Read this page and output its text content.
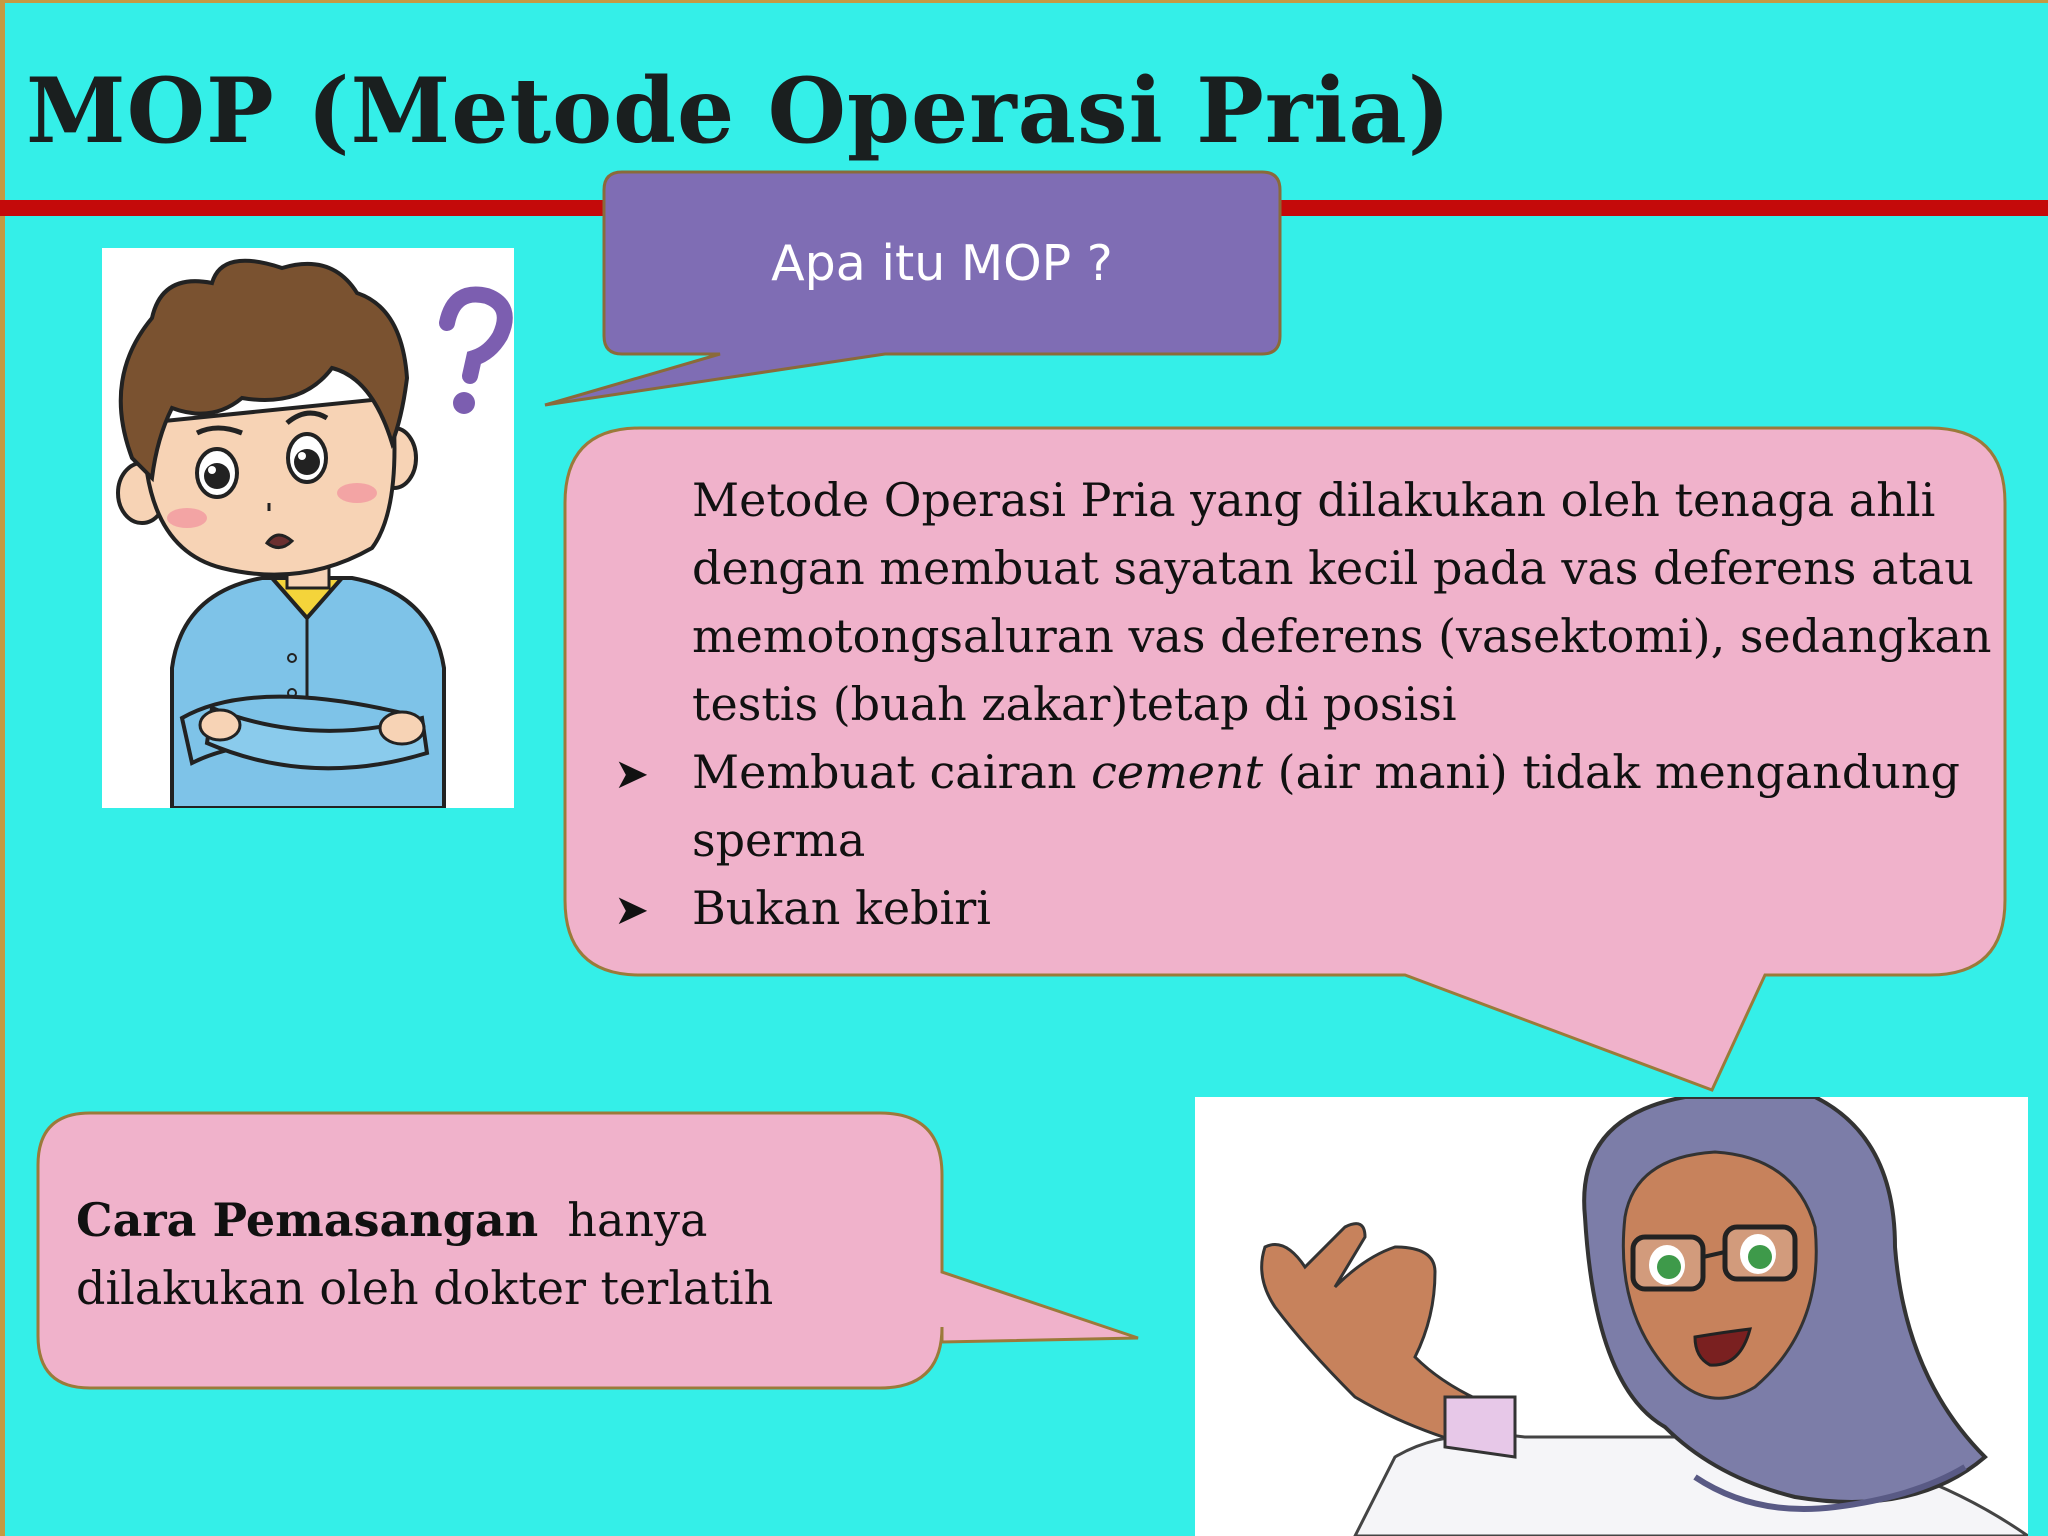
MOP (Metode Operasi Pria)
Apa itu MOP ?

Metode Operasi Pria yang dilakukan oleh tenaga ahli dengan membuat sayatan kecil pada vas deferens atau memotongsaluran vas deferens (vasektomi), sedangkan testis (buah zakar)tetap di posisi

➤ Membuat cairan cement (air mani) tidak mengandung sperma

➤ Bukan kebiri

Cara Pemasangan  hanya dilakukan oleh dokter terlatih
